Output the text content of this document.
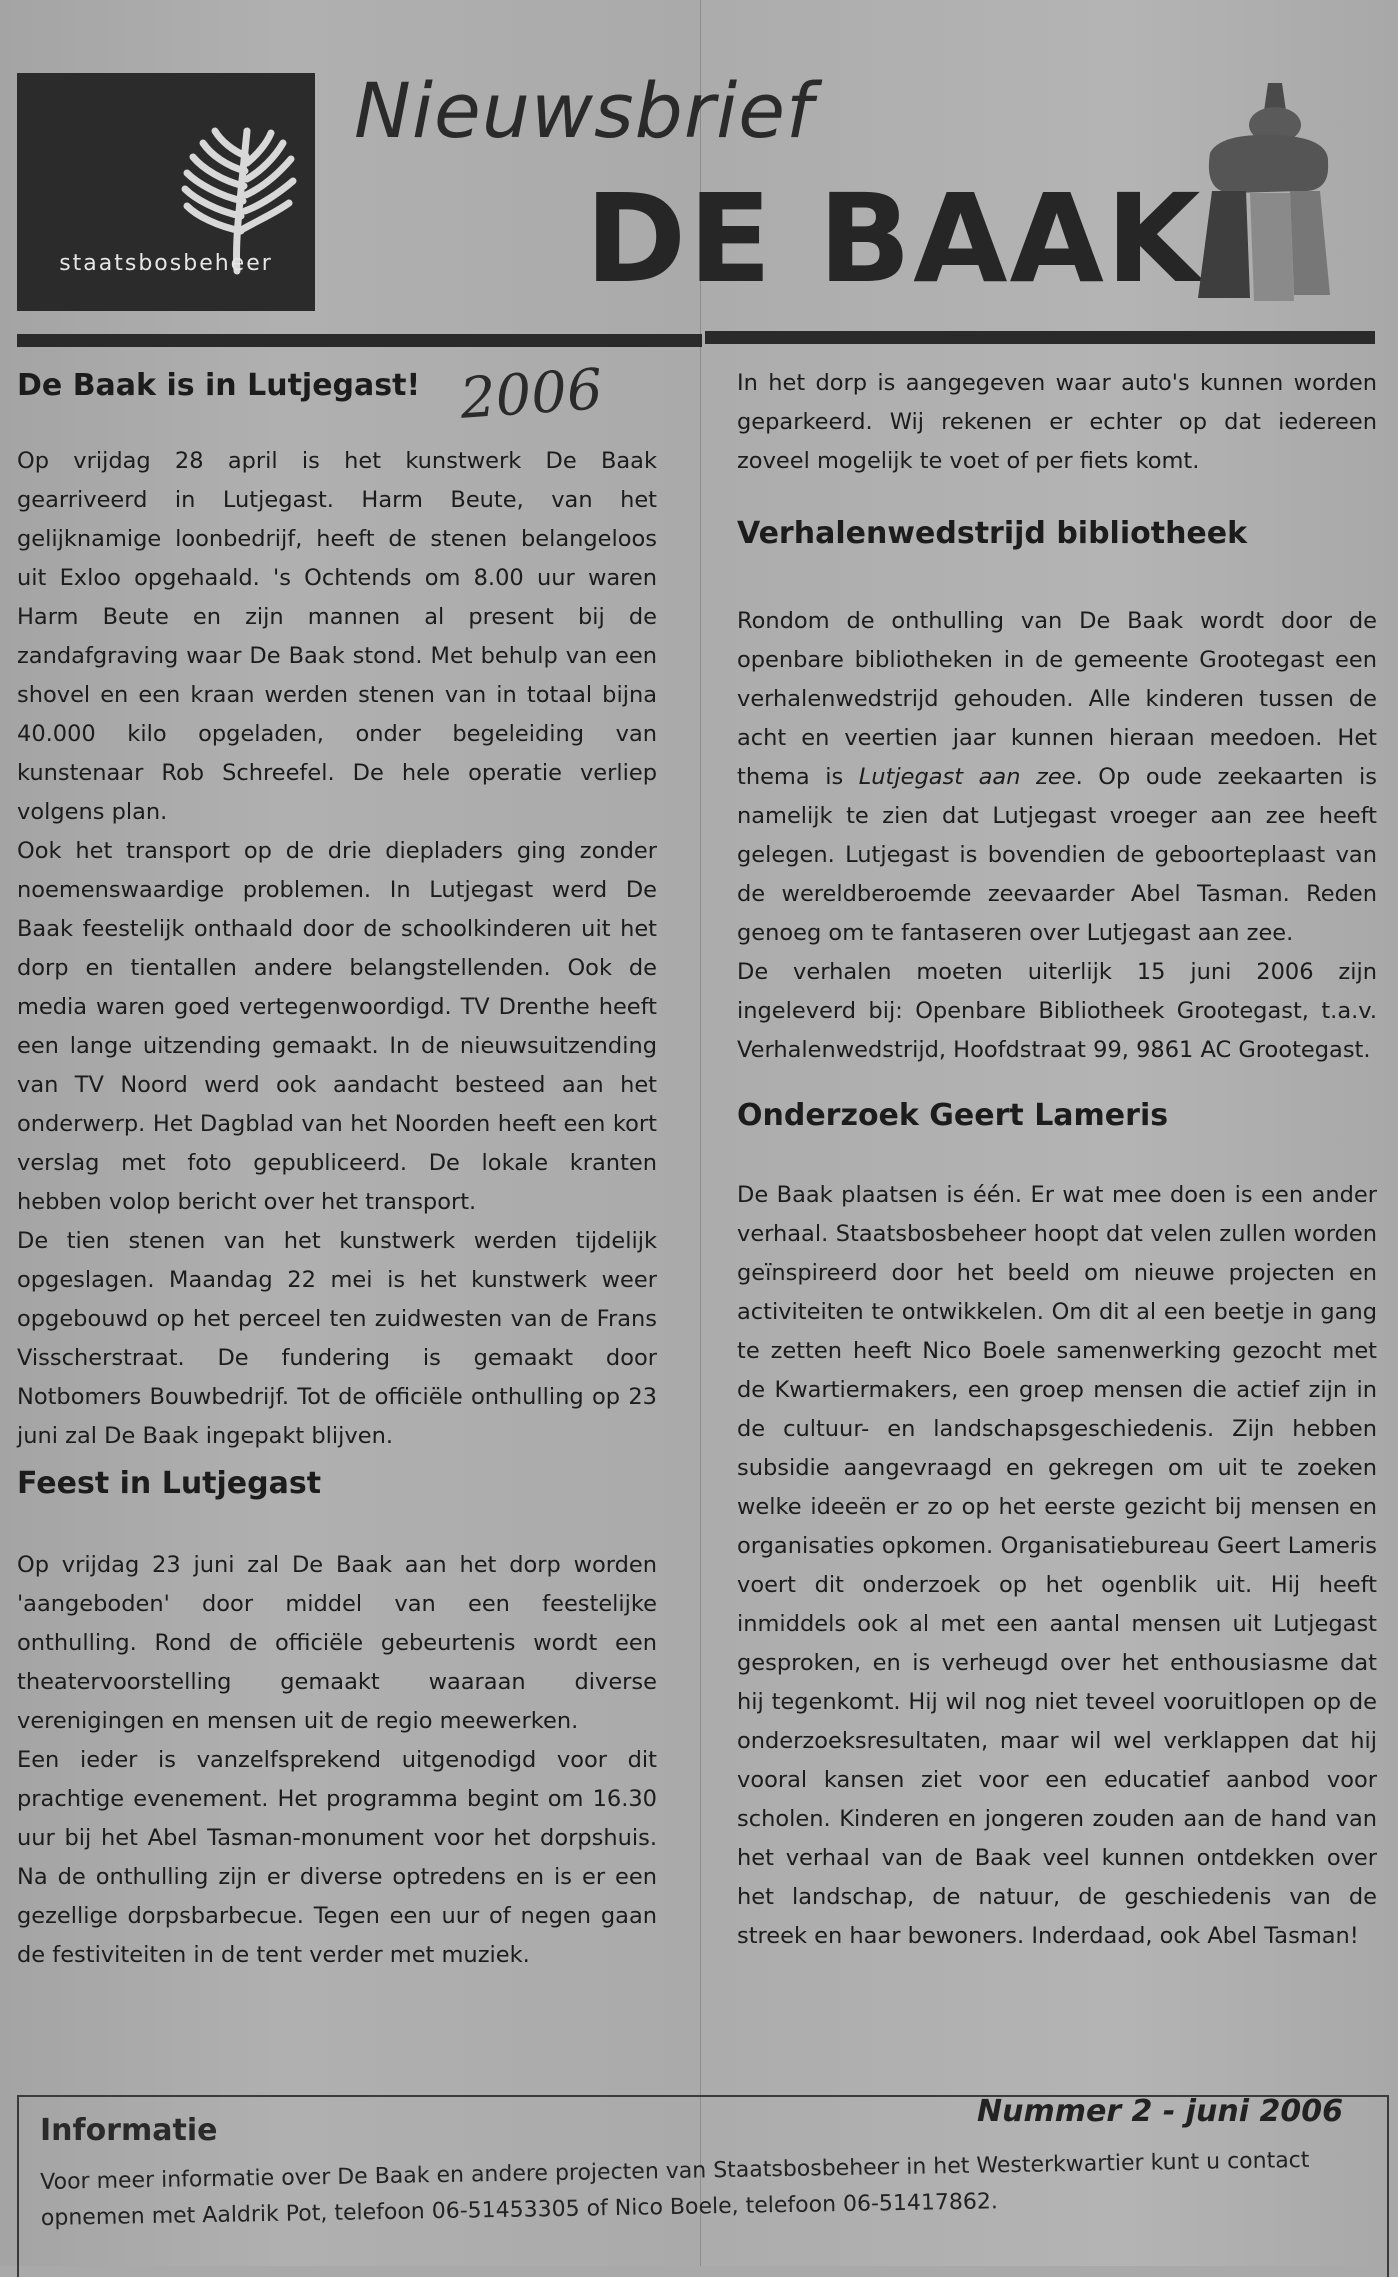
staatsbosbeheer
Nieuwsbrief
DE BAAK
De Baak is in Lutjegast!

Op vrijdag 28 april is het kunstwerk De Baak gearriveerd in Lutjegast. Harm Beute, van het gelijknamige loonbedrijf, heeft de stenen belangeloos uit Exloo opgehaald. 's Ochtends om 8.00 uur waren Harm Beute en zijn mannen al present bij de zandafgraving waar De Baak stond. Met behulp van een shovel en een kraan werden stenen van in totaal bijna 40.000 kilo opgeladen, onder begeleiding van kunstenaar Rob Schreefel. De hele operatie verliep volgens plan.

Ook het transport op de drie diepladers ging zonder noemenswaardige problemen. In Lutjegast werd De Baak feestelijk onthaald door de schoolkinderen uit het dorp en tientallen andere belangstellenden. Ook de media waren goed vertegenwoordigd. TV Drenthe heeft een lange uitzending gemaakt. In de nieuwsuitzending van TV Noord werd ook aandacht besteed aan het onderwerp. Het Dagblad van het Noorden heeft een kort verslag met foto gepubliceerd. De lokale kranten hebben volop bericht over het transport.

De tien stenen van het kunstwerk werden tijdelijk opgeslagen. Maandag 22 mei is het kunstwerk weer opgebouwd op het perceel ten zuidwesten van de Frans Visscherstraat. De fundering is gemaakt door Notbomers Bouwbedrijf. Tot de officiële onthulling op 23 juni zal De Baak ingepakt blijven.

2006
Feest in Lutjegast

Op vrijdag 23 juni zal De Baak aan het dorp worden 'aangeboden' door middel van een feestelijke onthulling. Rond de officiële gebeurtenis wordt een theatervoorstelling gemaakt waaraan diverse verenigingen en mensen uit de regio meewerken.

Een ieder is vanzelfsprekend uitgenodigd voor dit prachtige evenement. Het programma begint om 16.30 uur bij het Abel Tasman-monument voor het dorpshuis. Na de onthulling zijn er diverse optredens en is er een gezellige dorpsbarbecue. Tegen een uur of negen gaan de festiviteiten in de tent verder met muziek.

In het dorp is aangegeven waar auto's kunnen worden geparkeerd. Wij rekenen er echter op dat iedereen zoveel mogelijk te voet of per fiets komt.

Verhalenwedstrijd bibliotheek

Rondom de onthulling van De Baak wordt door de openbare bibliotheken in de gemeente Grootegast een verhalenwedstrijd gehouden. Alle kinderen tussen de acht en veertien jaar kunnen hieraan meedoen. Het thema is Lutjegast aan zee. Op oude zeekaarten is namelijk te zien dat Lutjegast vroeger aan zee heeft gelegen. Lutjegast is bovendien de geboorteplaast van de wereldberoemde zeevaarder Abel Tasman. Reden genoeg om te fantaseren over Lutjegast aan zee.

De verhalen moeten uiterlijk 15 juni 2006 zijn ingeleverd bij: Openbare Bibliotheek Grootegast, t.a.v. Verhalenwedstrijd, Hoofdstraat 99, 9861 AC Grootegast.

Onderzoek Geert Lameris

De Baak plaatsen is één. Er wat mee doen is een ander verhaal. Staatsbosbeheer hoopt dat velen zullen worden geïnspireerd door het beeld om nieuwe projecten en activiteiten te ontwikkelen. Om dit al een beetje in gang te zetten heeft Nico Boele samenwerking gezocht met de Kwartiermakers, een groep mensen die actief zijn in de cultuur- en landschapsgeschiedenis. Zijn hebben subsidie aangevraagd en gekregen om uit te zoeken welke ideeën er zo op het eerste gezicht bij mensen en organisaties opkomen. Organisatiebureau Geert Lameris voert dit onderzoek op het ogenblik uit. Hij heeft inmiddels ook al met een aantal mensen uit Lutjegast gesproken, en is verheugd over het enthousiasme dat hij tegenkomt. Hij wil nog niet teveel vooruitlopen op de onderzoeksresultaten, maar wil wel verklappen dat hij vooral kansen ziet voor een educatief aanbod voor scholen. Kinderen en jongeren zouden aan de hand van het verhaal van de Baak veel kunnen ontdekken over het landschap, de natuur, de geschiedenis van de streek en haar bewoners. Inderdaad, ook Abel Tasman!

Informatie
Nummer 2 - juni 2006
Voor meer informatie over De Baak en andere projecten van Staatsbosbeheer in het Westerkwartier kunt u contact opnemen met Aaldrik Pot, telefoon 06-51453305 of Nico Boele, telefoon 06-51417862.
